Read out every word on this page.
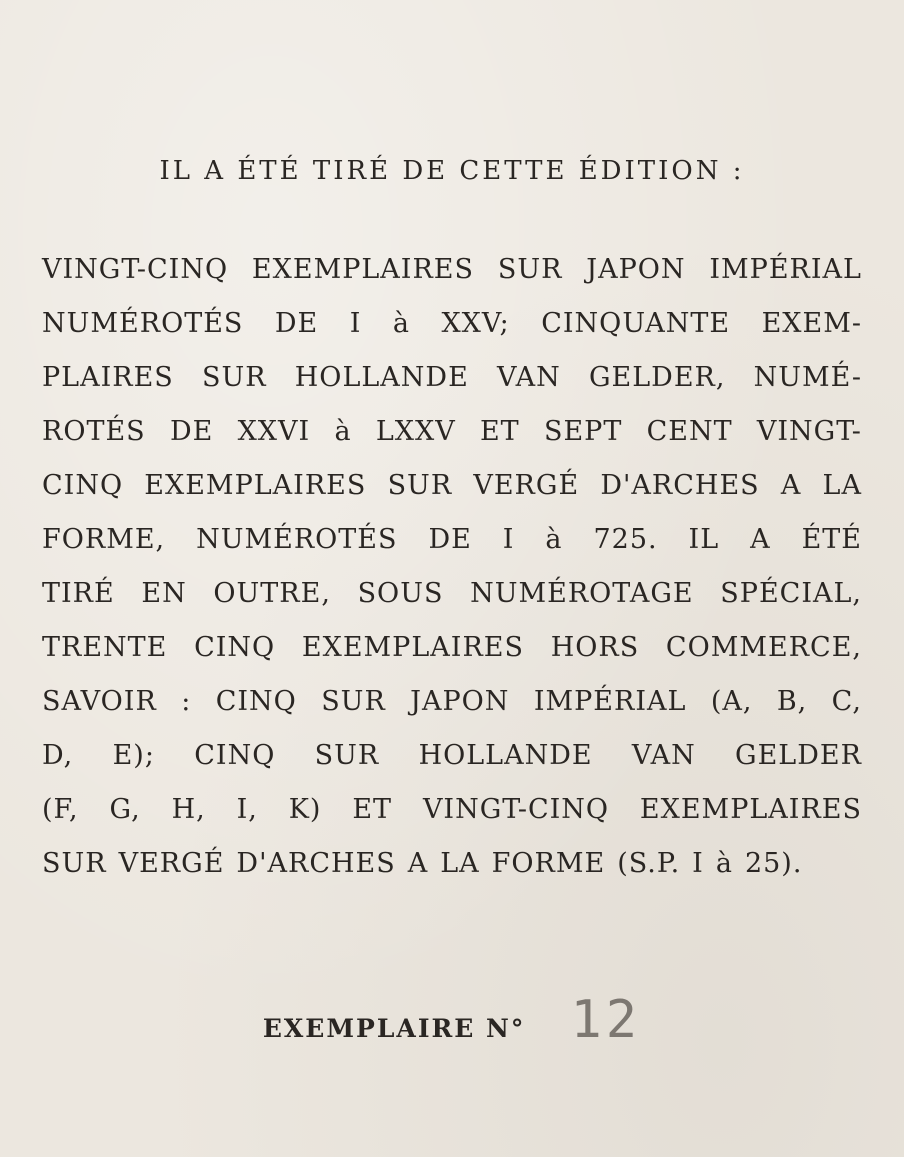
IL A ÉTÉ TIRÉ DE CETTE ÉDITION :
VINGT-CINQ EXEMPLAIRES SUR JAPON IMPÉRIAL
NUMÉROTÉS DE I à XXV; CINQUANTE EXEM-
PLAIRES SUR HOLLANDE VAN GELDER, NUMÉ-
ROTÉS DE XXVI à LXXV ET SEPT CENT VINGT-
CINQ EXEMPLAIRES SUR VERGÉ D'ARCHES A LA
FORME, NUMÉROTÉS DE I à 725. IL A ÉTÉ
TIRÉ EN OUTRE, SOUS NUMÉROTAGE SPÉCIAL,
TRENTE CINQ EXEMPLAIRES HORS COMMERCE,
SAVOIR : CINQ SUR JAPON IMPÉRIAL (A, B, C,
D, E); CINQ SUR HOLLANDE VAN GELDER
(F, G, H, I, K) ET VINGT-CINQ EXEMPLAIRES
SUR VERGÉ D'ARCHES A LA FORME (S.P. I à 25).
EXEMPLAIRE N° 12
